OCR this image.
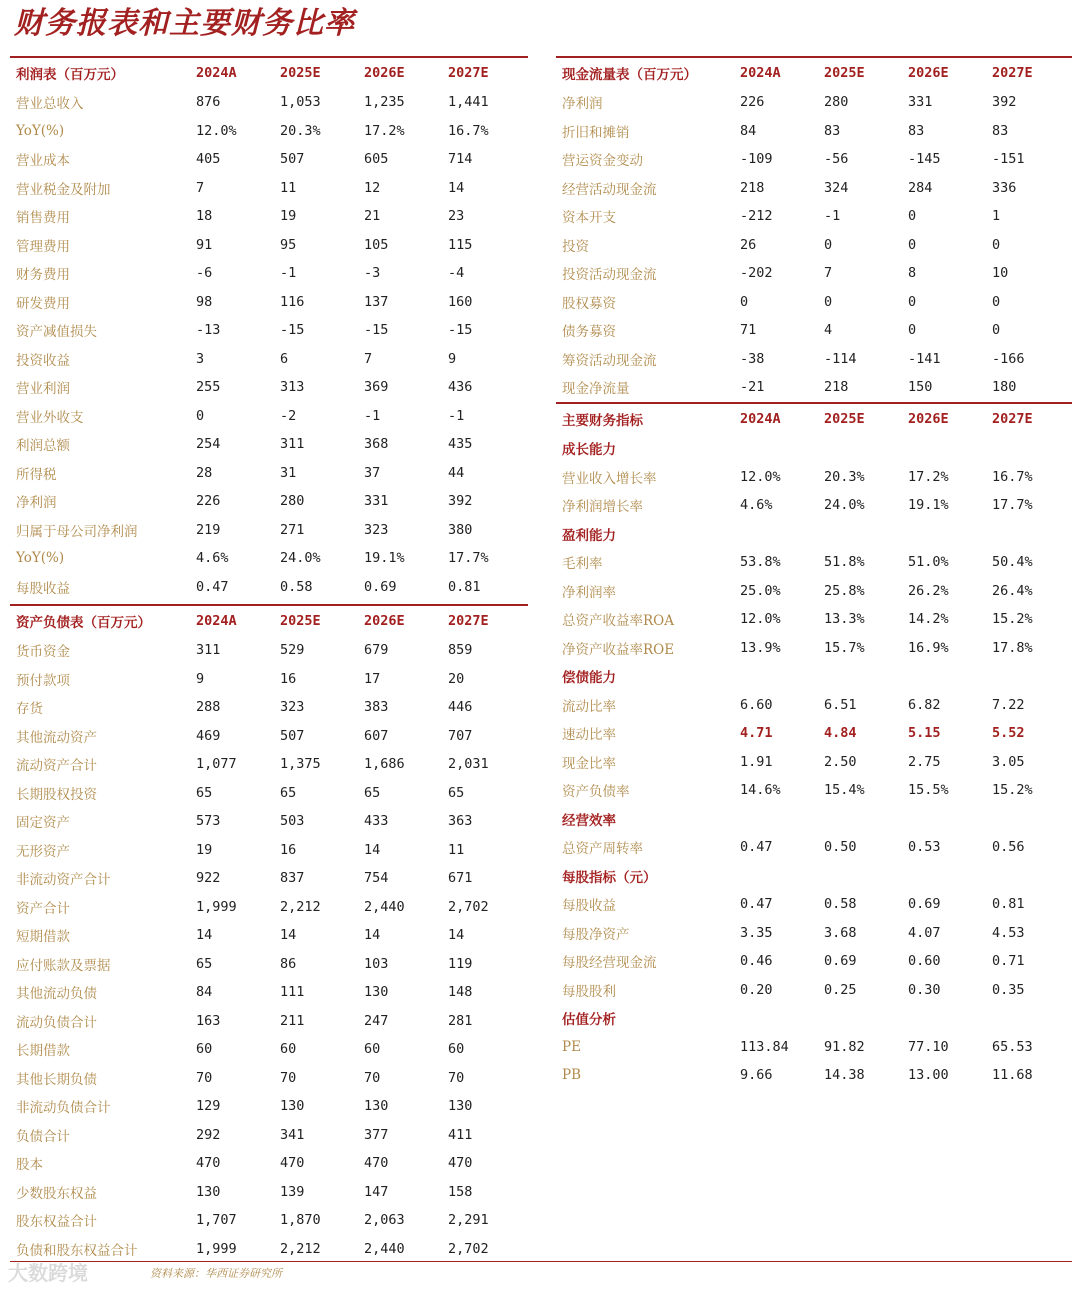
财务报表和主要财务比率
利润表（百万元）	2024A	2025E	2026E	2027E
营业总收入	876	1,053	1,235	1,441
YoY(%)	12.0%	20.3%	17.2%	16.7%
营业成本	405	507	605	714
营业税金及附加	7	11	12	14
销售费用	18	19	21	23
管理费用	91	95	105	115
财务费用	-6	-1	-3	-4
研发费用	98	116	137	160
资产减值损失	-13	-15	-15	-15
投资收益	3	6	7	9
营业利润	255	313	369	436
营业外收支	0	-2	-1	-1
利润总额	254	311	368	435
所得税	28	31	37	44
净利润	226	280	331	392
归属于母公司净利润	219	271	323	380
YoY(%)	4.6%	24.0%	19.1%	17.7%
每股收益	0.47	0.58	0.69	0.81
资产负债表（百万元）	2024A	2025E	2026E	2027E
货币资金	311	529	679	859
预付款项	9	16	17	20
存货	288	323	383	446
其他流动资产	469	507	607	707
流动资产合计	1,077	1,375	1,686	2,031
长期股权投资	65	65	65	65
固定资产	573	503	433	363
无形资产	19	16	14	11
非流动资产合计	922	837	754	671
资产合计	1,999	2,212	2,440	2,702
短期借款	14	14	14	14
应付账款及票据	65	86	103	119
其他流动负债	84	111	130	148
流动负债合计	163	211	247	281
长期借款	60	60	60	60
其他长期负债	70	70	70	70
非流动负债合计	129	130	130	130
负债合计	292	341	377	411
股本	470	470	470	470
少数股东权益	130	139	147	158
股东权益合计	1,707	1,870	2,063	2,291
负债和股东权益合计	1,999	2,212	2,440	2,702
现金流量表（百万元）	2024A	2025E	2026E	2027E
净利润	226	280	331	392
折旧和摊销	84	83	83	83
营运资金变动	-109	-56	-145	-151
经营活动现金流	218	324	284	336
资本开支	-212	-1	0	1
投资	26	0	0	0
投资活动现金流	-202	7	8	10
股权募资	0	0	0	0
债务募资	71	4	0	0
筹资活动现金流	-38	-114	-141	-166
现金净流量	-21	218	150	180
主要财务指标	2024A	2025E	2026E	2027E
成长能力				
营业收入增长率	12.0%	20.3%	17.2%	16.7%
净利润增长率	4.6%	24.0%	19.1%	17.7%
盈利能力				
毛利率	53.8%	51.8%	51.0%	50.4%
净利润率	25.0%	25.8%	26.2%	26.4%
总资产收益率ROA	12.0%	13.3%	14.2%	15.2%
净资产收益率ROE	13.9%	15.7%	16.9%	17.8%
偿债能力				
流动比率	6.60	6.51	6.82	7.22
速动比率	4.71	4.84	5.15	5.52
现金比率	1.91	2.50	2.75	3.05
资产负债率	14.6%	15.4%	15.5%	15.2%
经营效率				
总资产周转率	0.47	0.50	0.53	0.56
每股指标（元）				
每股收益	0.47	0.58	0.69	0.81
每股净资产	3.35	3.68	4.07	4.53
每股经营现金流	0.46	0.69	0.60	0.71
每股股利	0.20	0.25	0.30	0.35
估值分析				
PE	113.84	91.82	77.10	65.53
PB	9.66	14.38	13.00	11.68
大数跨境	资料来源：华西证券研究所
